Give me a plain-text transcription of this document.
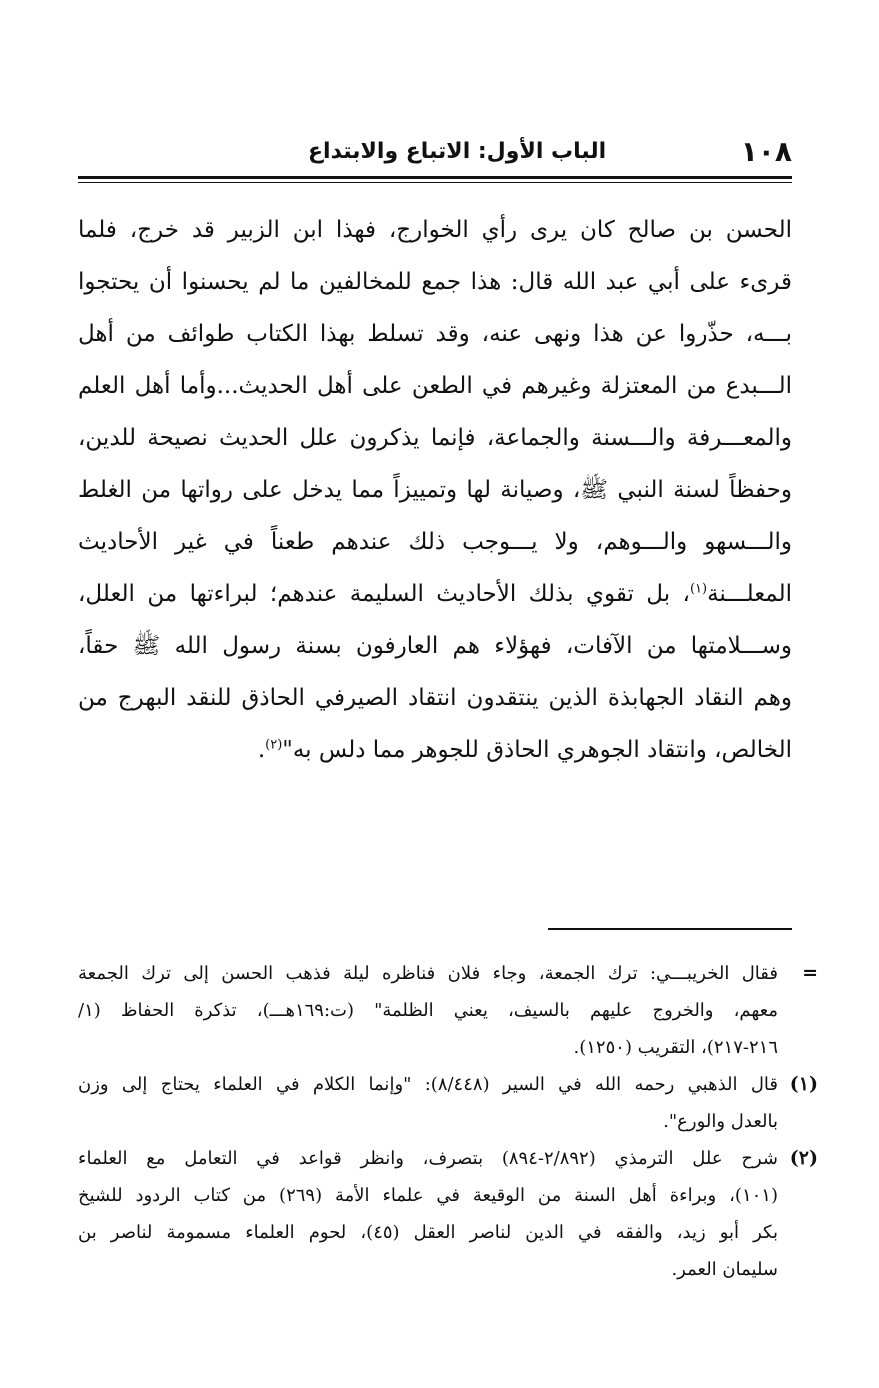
١٠٨
الباب الأول: الاتباع والابتداع
الحسن بن صالح كان يرى رأي الخوارج، فهذا ابن الزبير قد خرج، فلما
قرىء على أبي عبد الله قال: هذا جمع للمخالفين ما لم يحسنوا أن يحتجوا
بـــه، حذّروا عن هذا ونهى عنه، وقد تسلط بهذا الكتاب طوائف من أهل
الـــبدع من المعتزلة وغيرهم في الطعن على أهل الحديث...وأما أهل العلم
والمعـــرفة والـــسنة والجماعة، فإنما يذكرون علل الحديث نصيحة للدين،
وحفظاً لسنة النبي ﷺ، وصيانة لها وتمييزاً مما يدخل على رواتها من الغلط
والـــسهو والـــوهم، ولا يـــوجب ذلك عندهم طعناً في غير الأحاديث
المعلـــنة$^{(١)}$، بل تقوي بذلك الأحاديث السليمة عندهم؛ لبراءتها من العلل،
وســـلامتها من الآفات، فهؤلاء هم العارفون بسنة رسول الله ﷺ حقاً،
وهم النقاد الجهابذة الذين ينتقدون انتقاد الصيرفي الحاذق للنقد البهرج من
الخالص، وانتقاد الجوهري الحاذق للجوهر مما دلس به"$^{(٢)}$.
=
فقال الخريبـــي: ترك الجمعة، وجاء فلان فناظره ليلة فذهب الحسن إلى ترك الجمعة
معهم، والخروج عليهم بالسيف، يعني الظلمة" (ت:١٦٩هـــ)، تذكرة الحفاظ (١/
٢١٦-٢١٧)، التقريب (١٢٥٠).
(١)
قال الذهبي رحمه الله في السير (٨/٤٤٨): "وإنما الكلام في العلماء يحتاج إلى وزن
بالعدل والورع".
(٢)
شرح علل الترمذي (٢/٨٩٢-٨٩٤) بتصرف، وانظر قواعد في التعامل مع العلماء
(١٠١)، وبراءة أهل السنة من الوقيعة في علماء الأمة (٢٦٩) من كتاب الردود للشيخ
بكر أبو زيد، والفقه في الدين لناصر العقل (٤٥)، لحوم العلماء مسمومة لناصر بن
سليمان العمر.
